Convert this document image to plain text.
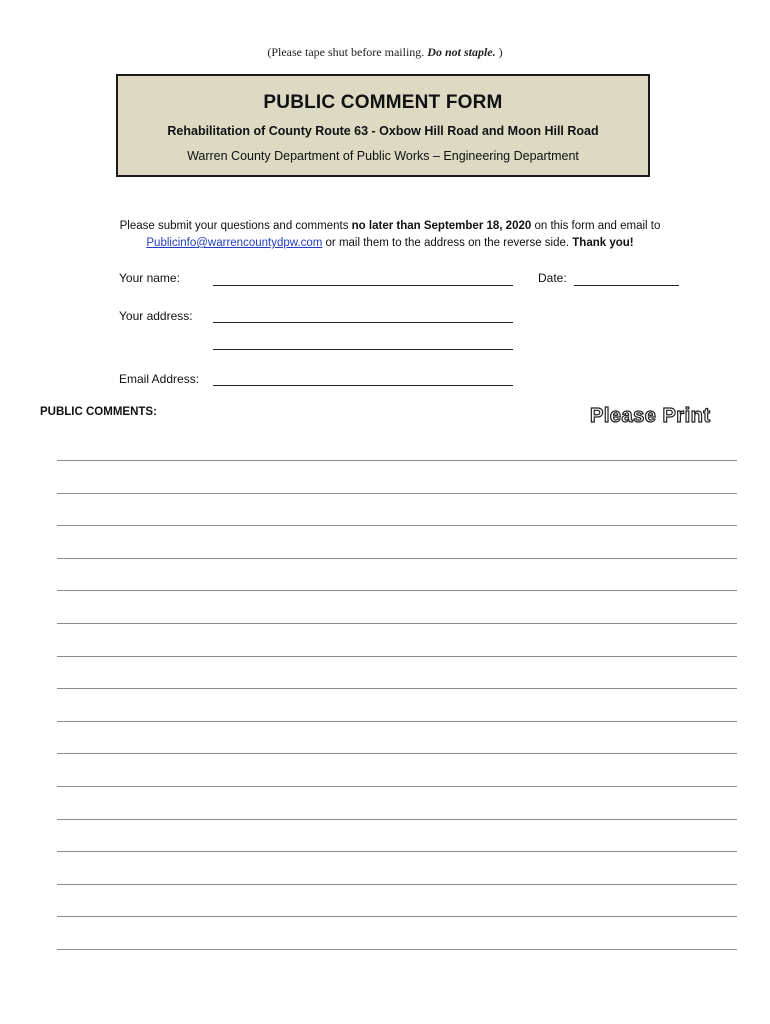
(Please tape shut before mailing. Do not staple. )
PUBLIC COMMENT FORM
Rehabilitation of County Route 63 - Oxbow Hill Road and Moon Hill Road
Warren County Department of Public Works – Engineering Department
Please submit your questions and comments no later than September 18, 2020 on this form and email to
Publicinfo@warrencountydpw.com or mail them to the address on the reverse side. Thank you!
Your name:	Date:
Your address:
Email Address:
PUBLIC COMMENTS:	Please Print
